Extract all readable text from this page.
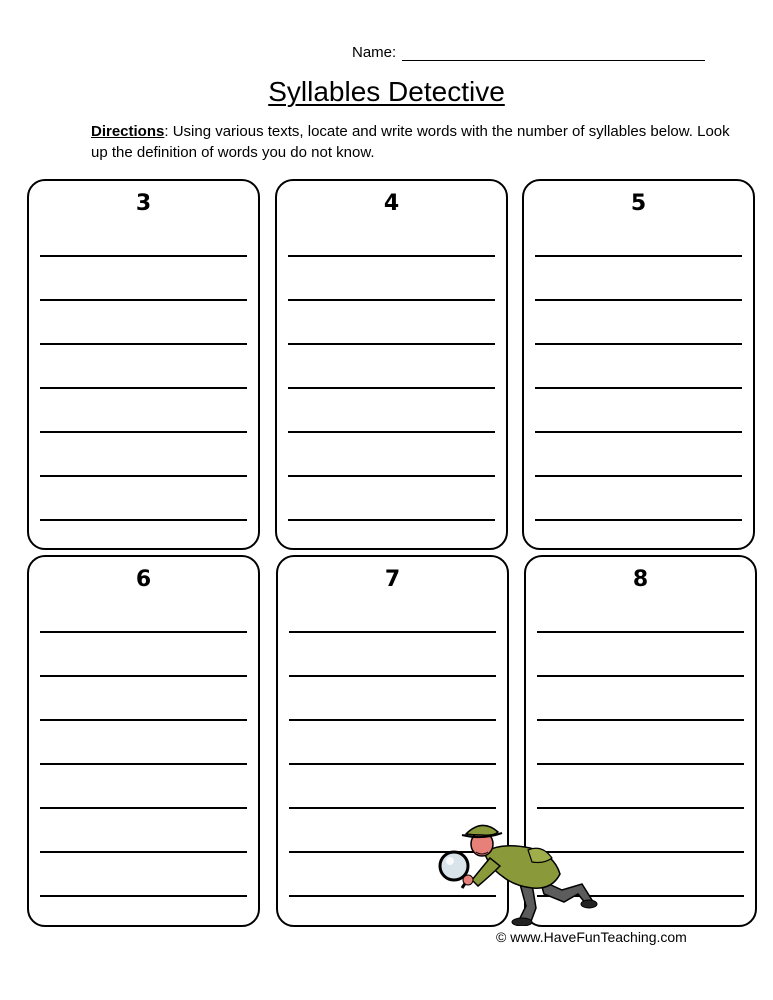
Name:
Syllables Detective
Directions: Using various texts, locate and write words with the number of syllables below. Look up the definition of words you do not know.
3	4	5
6	7	8
© www.HaveFunTeaching.com
